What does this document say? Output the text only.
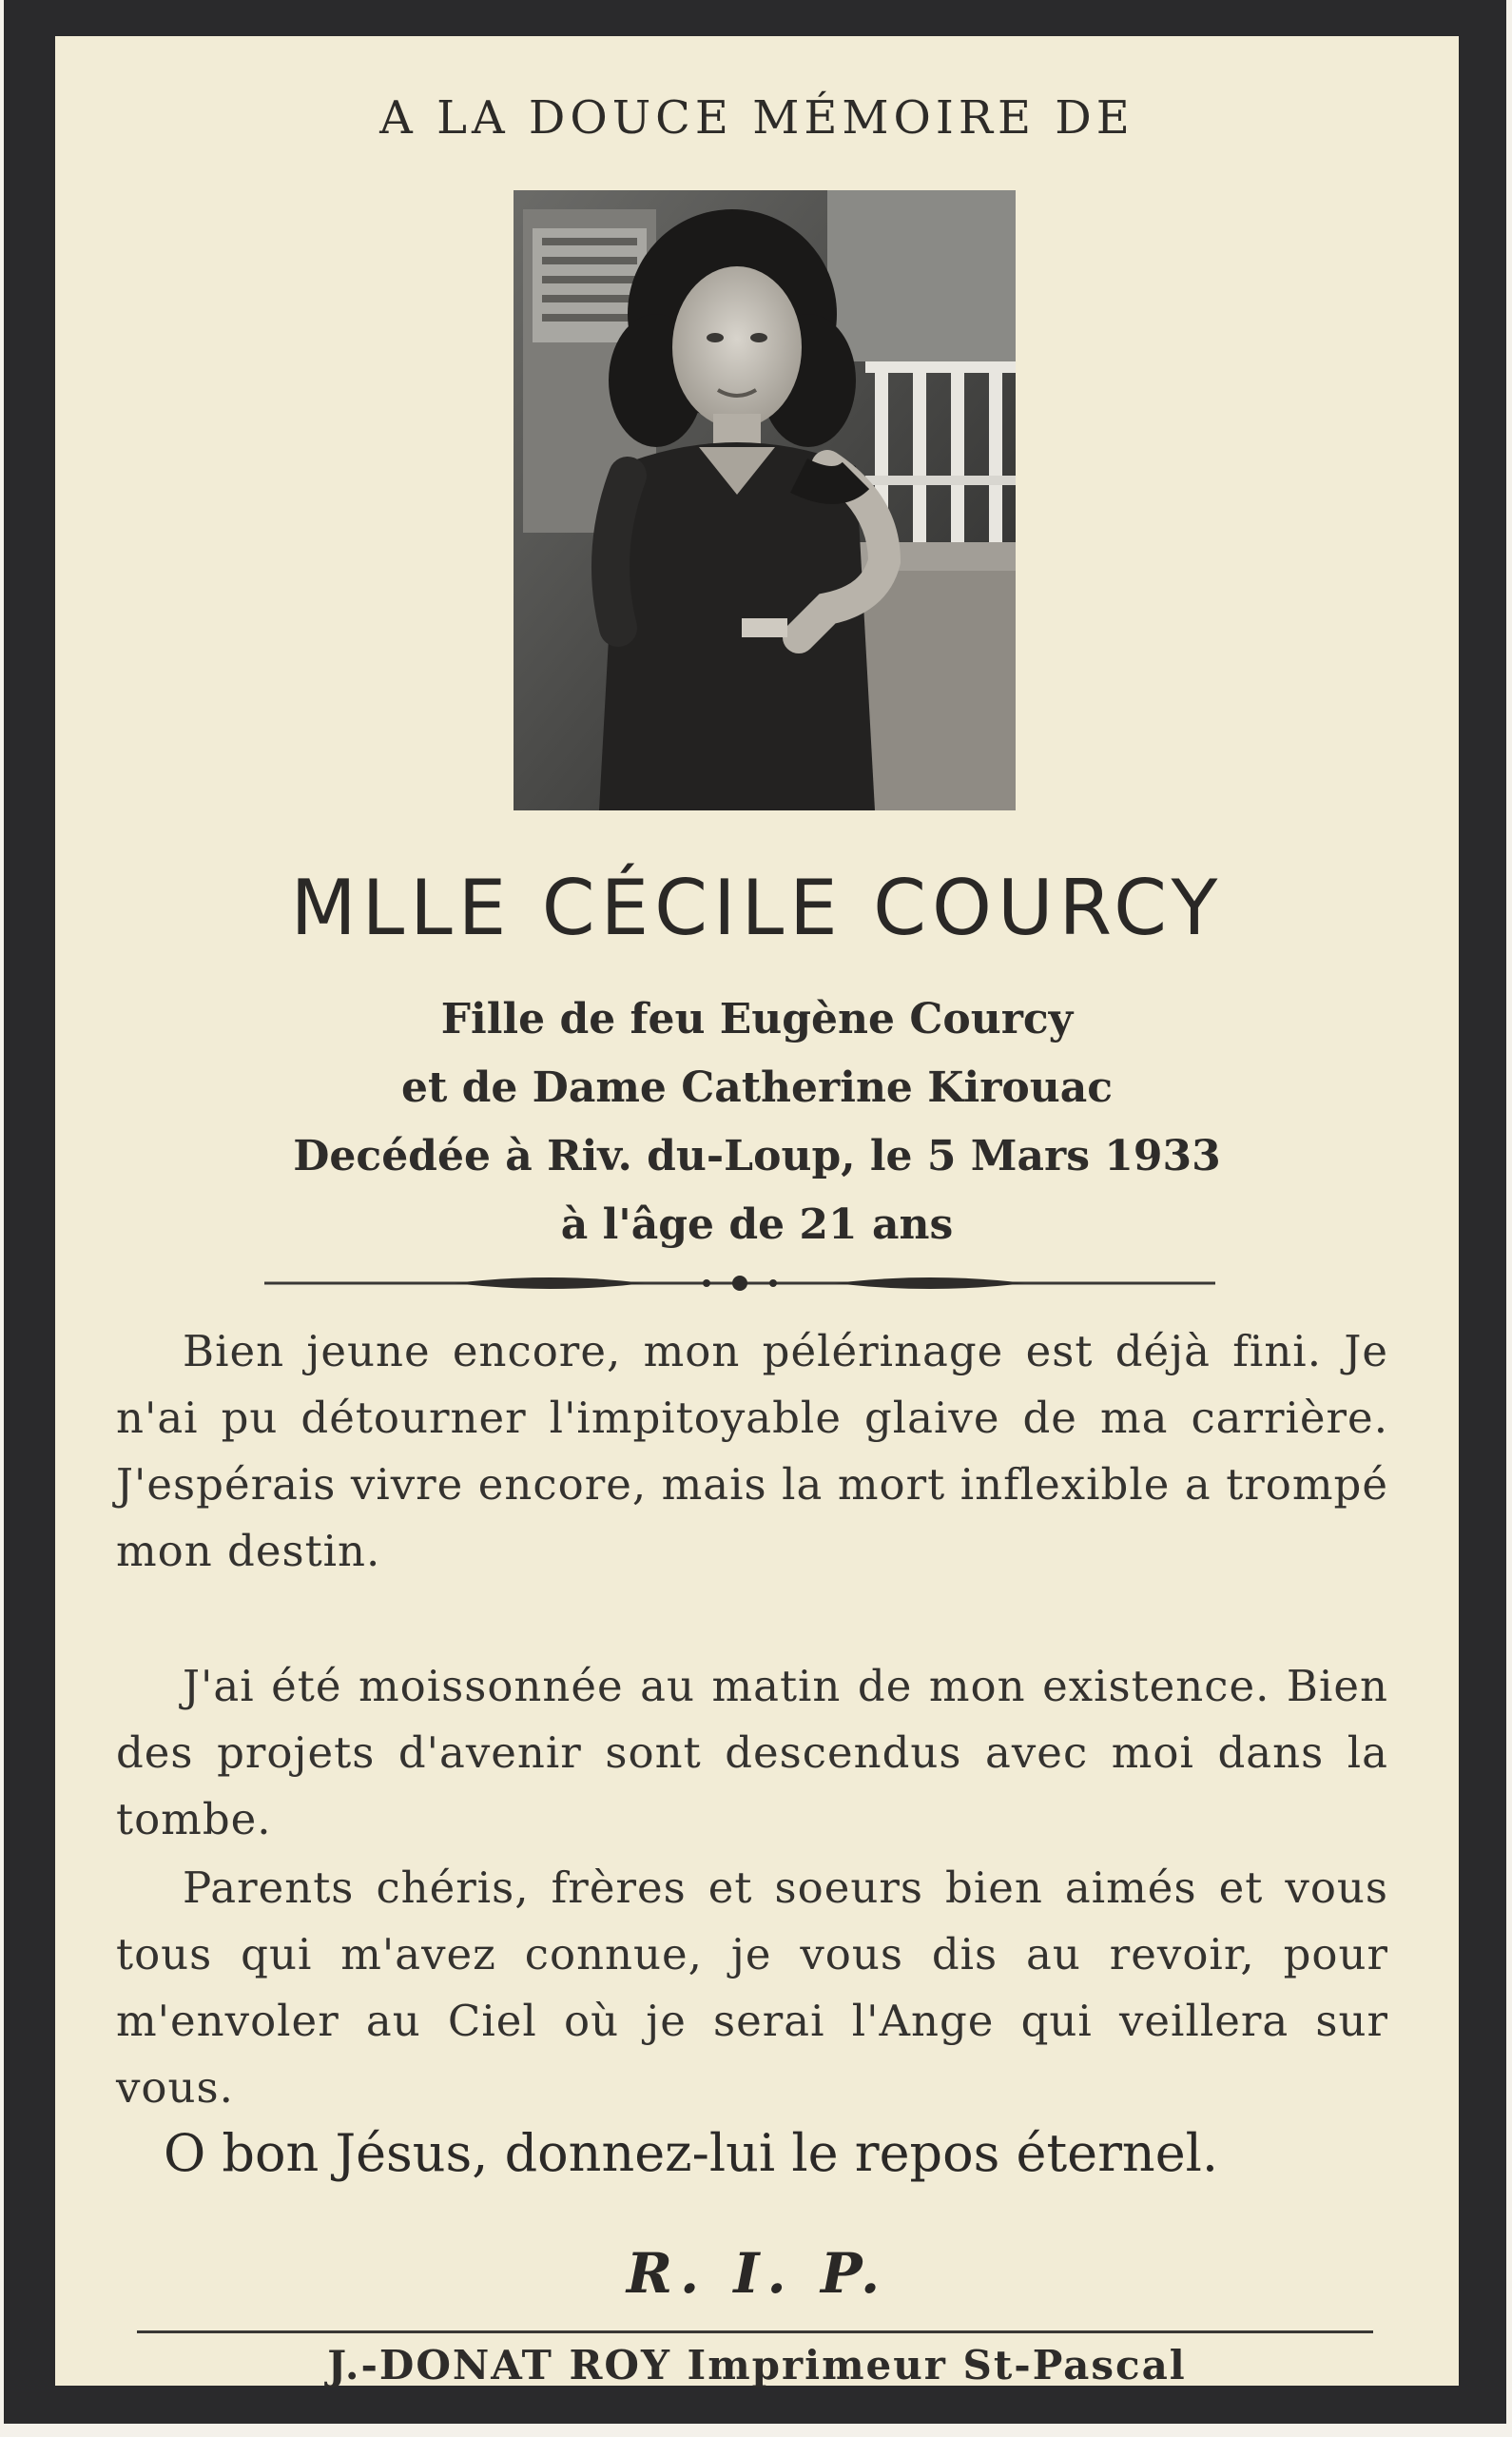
A LA DOUCE MÉMOIRE DE
MLLE CÉCILE COURCY
Fille de feu Eugène Courcy
et de Dame Catherine Kirouac
Decédée à Riv. du-Loup, le 5 Mars 1933
à l'âge de 21 ans

Bien jeune encore, mon pélérinage est déjà fini. Je n'ai pu détourner l'impitoyable glaive de ma carrière. J'espérais vivre encore, mais la mort inflexible a trompé mon destin.

J'ai été moissonnée au matin de mon existence. Bien des projets d'avenir sont descendus avec moi dans la tombe.

Parents chéris, frères et soeurs bien aimés et vous tous qui m'avez connue, je vous dis au revoir, pour m'envoler au Ciel où je serai l'Ange qui veillera sur vous.

O bon Jésus, donnez-lui le repos éternel.
R. I. P.
J.-DONAT ROY Imprimeur St-Pascal
